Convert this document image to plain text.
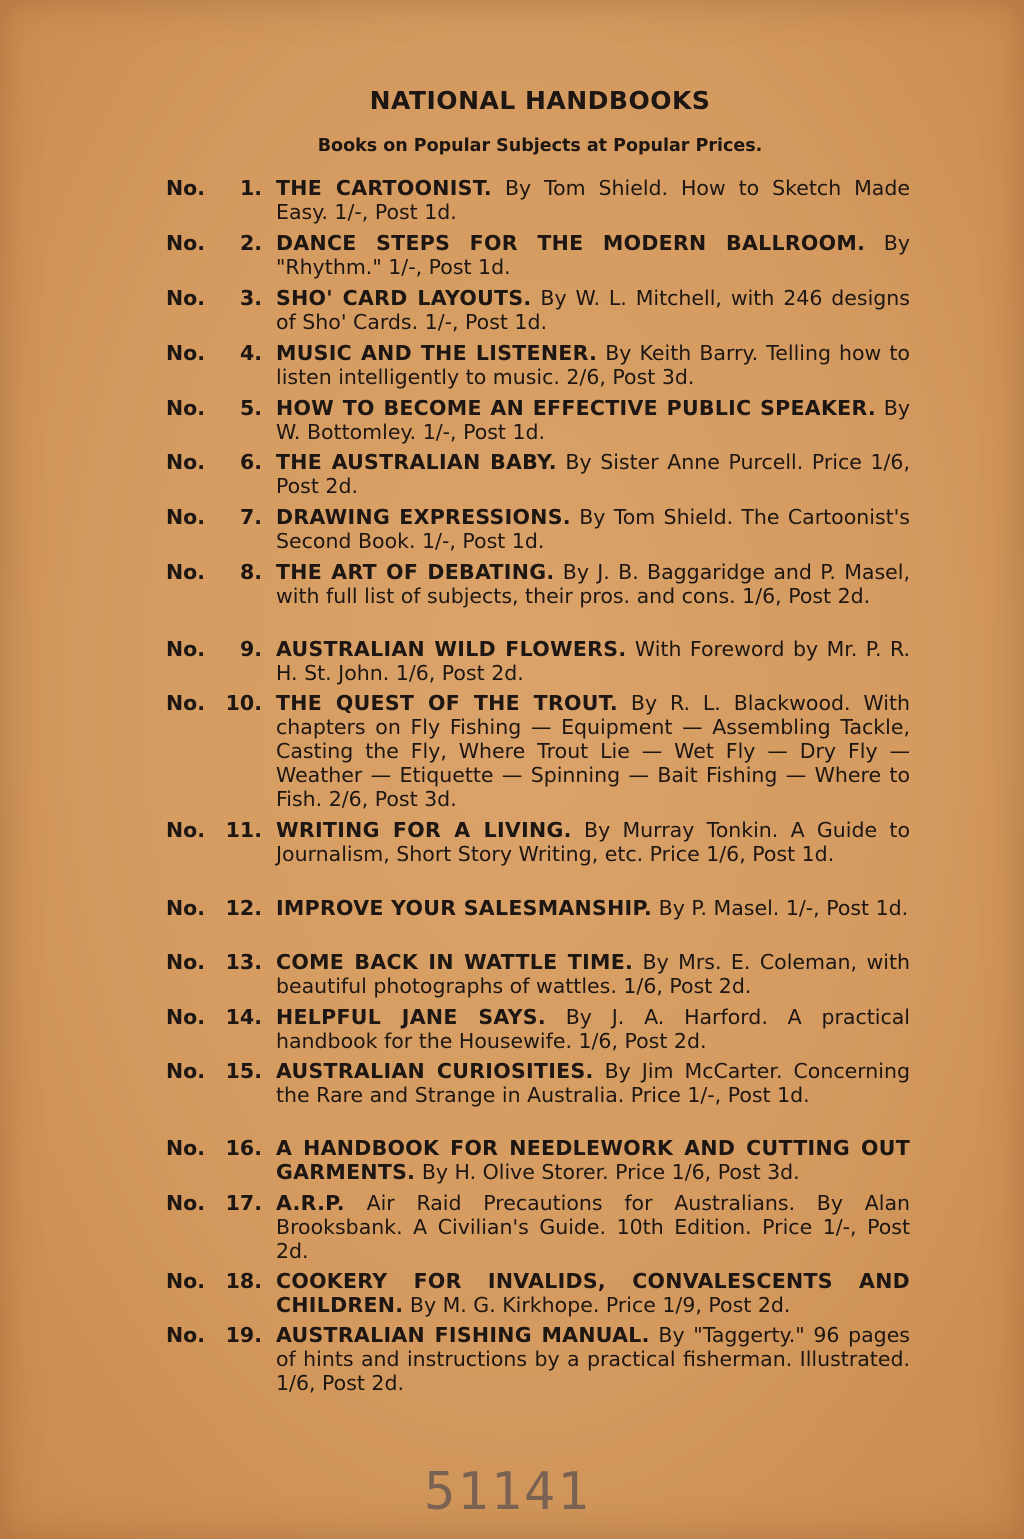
NATIONAL HANDBOOKS
Books on Popular Subjects at Popular Prices.
No.	1. THE CARTOONIST. By Tom Shield. How to Sketch Made Easy. 1/-, Post 1d.
No.	2. DANCE STEPS FOR THE MODERN BALLROOM. By "Rhythm." 1/-, Post 1d.
No.	3. SHO' CARD LAYOUTS. By W. L. Mitchell, with 246 designs of Sho' Cards. 1/-, Post 1d.
No.	4. MUSIC AND THE LISTENER. By Keith Barry. Telling how to listen intelligently to music. 2/6, Post 3d.
No.	5. HOW TO BECOME AN EFFECTIVE PUBLIC SPEAKER. By W. Bottomley. 1/-, Post 1d.
No.	6. THE AUSTRALIAN BABY. By Sister Anne Purcell. Price 1/6, Post 2d.
No.	7. DRAWING EXPRESSIONS. By Tom Shield. The Cartoonist's Second Book. 1/-, Post 1d.
No.	8. THE ART OF DEBATING. By J. B. Baggaridge and P. Masel, with full list of subjects, their pros. and cons. 1/6, Post 2d.
No.	9. AUSTRALIAN WILD FLOWERS. With Foreword by Mr. P. R. H. St. John. 1/6, Post 2d.
No.	10. THE QUEST OF THE TROUT. By R. L. Blackwood. With chapters on Fly Fishing — Equipment — Assembling Tackle, Casting the Fly, Where Trout Lie — Wet Fly — Dry Fly — Weather — Etiquette — Spinning — Bait Fishing — Where to Fish. 2/6, Post 3d.
No.	11. WRITING FOR A LIVING. By Murray Tonkin. A Guide to Journalism, Short Story Writing, etc. Price 1/6, Post 1d.
No.	12. IMPROVE YOUR SALESMANSHIP. By P. Masel. 1/-, Post 1d.
No.	13. COME BACK IN WATTLE TIME. By Mrs. E. Coleman, with beautiful photographs of wattles. 1/6, Post 2d.
No.	14. HELPFUL JANE SAYS. By J. A. Harford. A practical handbook for the Housewife. 1/6, Post 2d.
No.	15. AUSTRALIAN CURIOSITIES. By Jim McCarter. Concerning the Rare and Strange in Australia. Price 1/-, Post 1d.
No.	16. A HANDBOOK FOR NEEDLEWORK AND CUTTING OUT GARMENTS. By H. Olive Storer. Price 1/6, Post 3d.
No.	17. A.R.P. Air Raid Precautions for Australians. By Alan Brooksbank. A Civilian's Guide. 10th Edition. Price 1/-, Post 2d.
No.	18. COOKERY FOR INVALIDS, CONVALESCENTS AND CHILDREN. By M. G. Kirkhope. Price 1/9, Post 2d.
No.	19. AUSTRALIAN FISHING MANUAL. By "Taggerty." 96 pages of hints and instructions by a practical fisherman. Illustrated. 1/6, Post 2d.
51141
